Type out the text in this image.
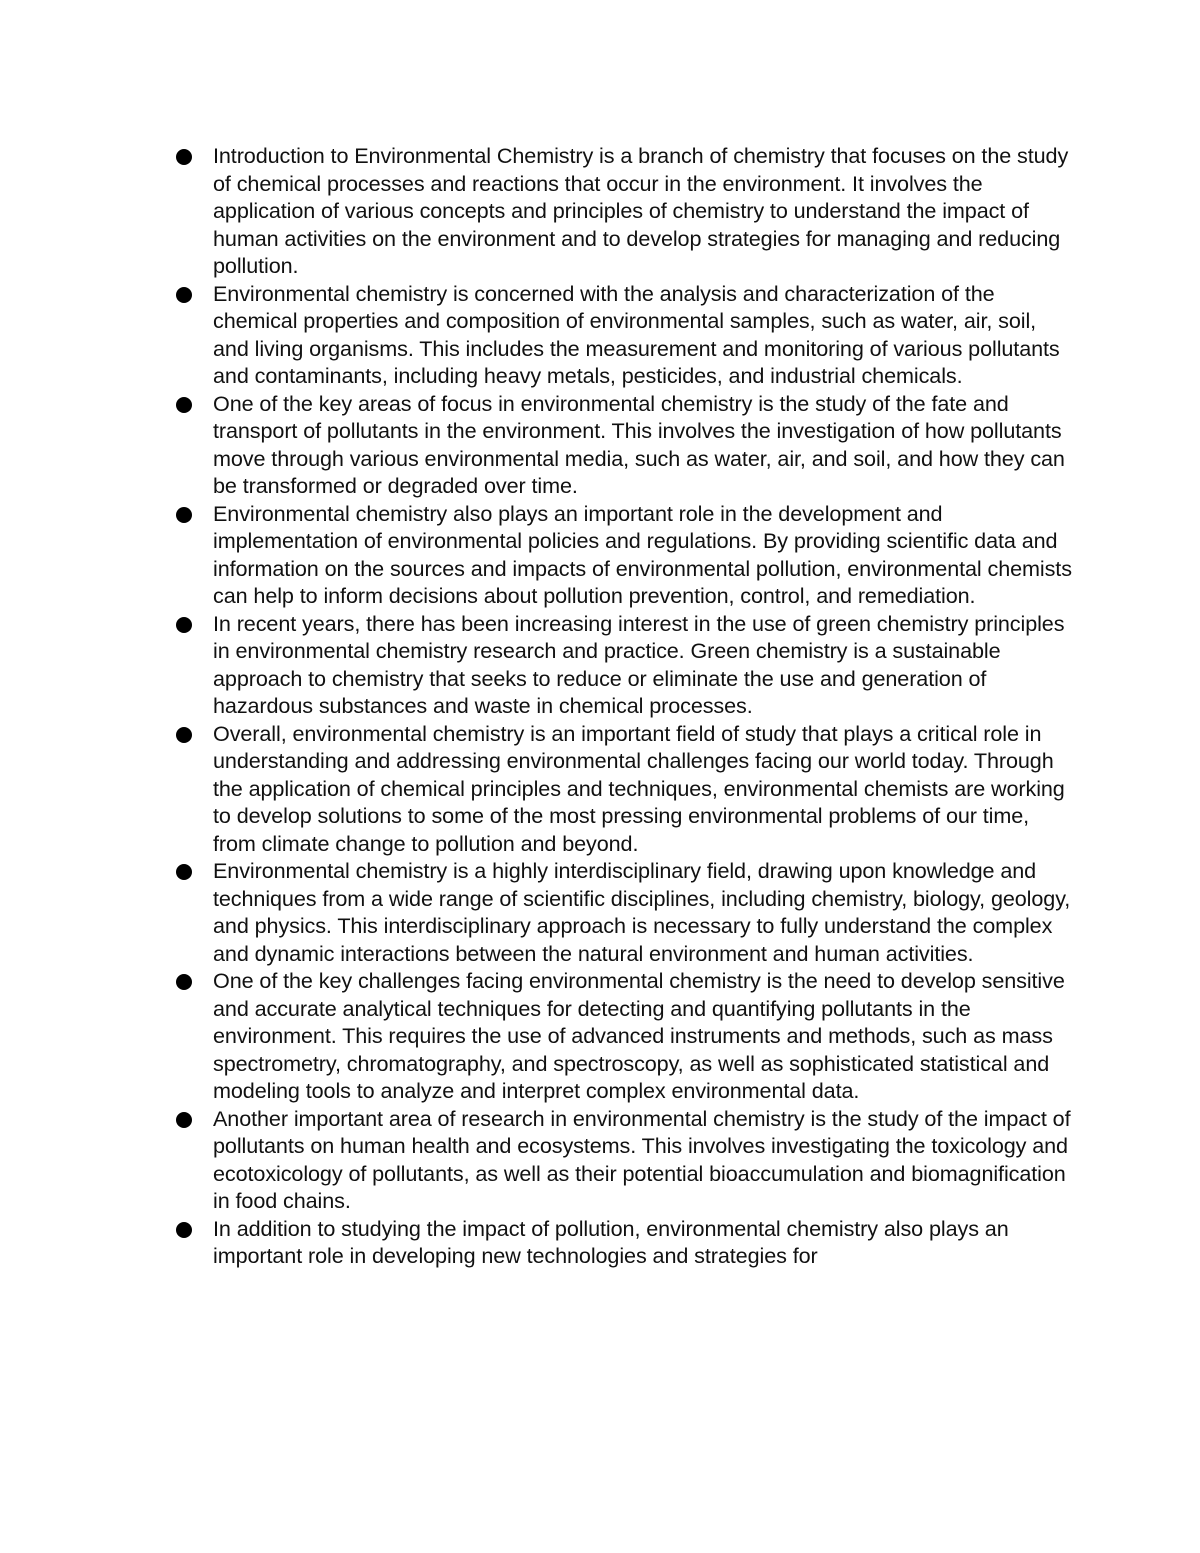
Introduction to Environmental Chemistry is a branch of chemistry that focuses on the study of chemical processes and reactions that occur in the environment. It involves the application of various concepts and principles of chemistry to understand the impact of human activities on the environment and to develop strategies for managing and reducing pollution.
Environmental chemistry is concerned with the analysis and characterization of the chemical properties and composition of environmental samples, such as water, air, soil, and living organisms. This includes the measurement and monitoring of various pollutants and contaminants, including heavy metals, pesticides, and industrial chemicals.
One of the key areas of focus in environmental chemistry is the study of the fate and transport of pollutants in the environment. This involves the investigation of how pollutants move through various environmental media, such as water, air, and soil, and how they can be transformed or degraded over time.
Environmental chemistry also plays an important role in the development and implementation of environmental policies and regulations. By providing scientific data and information on the sources and impacts of environmental pollution, environmental chemists can help to inform decisions about pollution prevention, control, and remediation.
In recent years, there has been increasing interest in the use of green chemistry principles in environmental chemistry research and practice. Green chemistry is a sustainable approach to chemistry that seeks to reduce or eliminate the use and generation of hazardous substances and waste in chemical processes.
Overall, environmental chemistry is an important field of study that plays a critical role in understanding and addressing environmental challenges facing our world today. Through the application of chemical principles and techniques, environmental chemists are working to develop solutions to some of the most pressing environmental problems of our time, from climate change to pollution and beyond.
Environmental chemistry is a highly interdisciplinary field, drawing upon knowledge and techniques from a wide range of scientific disciplines, including chemistry, biology, geology, and physics. This interdisciplinary approach is necessary to fully understand the complex and dynamic interactions between the natural environment and human activities.
One of the key challenges facing environmental chemistry is the need to develop sensitive and accurate analytical techniques for detecting and quantifying pollutants in the environment. This requires the use of advanced instruments and methods, such as mass spectrometry, chromatography, and spectroscopy, as well as sophisticated statistical and modeling tools to analyze and interpret complex environmental data.
Another important area of research in environmental chemistry is the study of the impact of pollutants on human health and ecosystems. This involves investigating the toxicology and ecotoxicology of pollutants, as well as their potential bioaccumulation and biomagnification in food chains.
In addition to studying the impact of pollution, environmental chemistry also plays an important role in developing new technologies and strategies for
